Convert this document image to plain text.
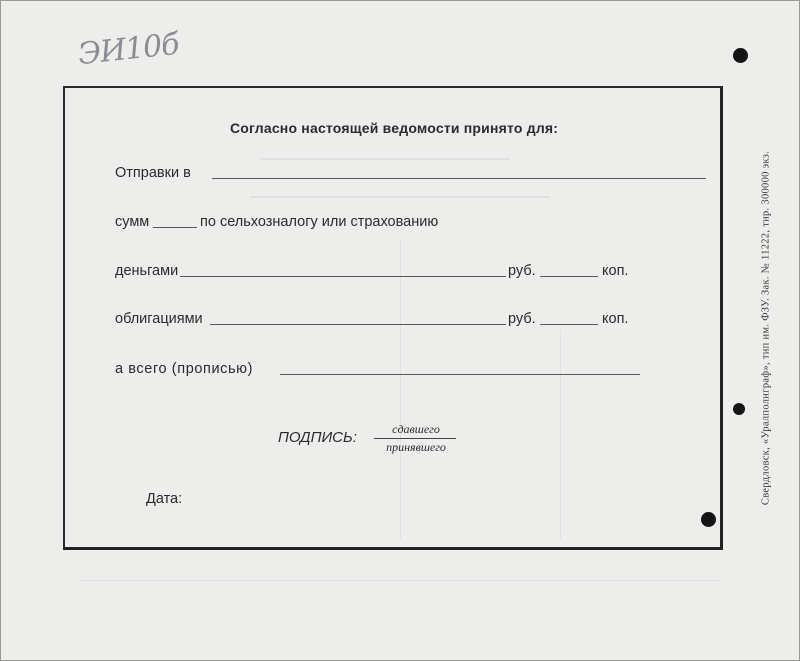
ЭИ10б
Согласно настоящей ведомости принято для:
Отправки в
сумм	по сельхозналогу или страхованию
деньгами	руб.	коп.
облигациями	руб.	коп.
а всего (прописью)
ПОДПИСЬ:	сдавшего
принявшего
Дата:	Свердловск, «Уралполиграф», тип им. ФЗУ. Зак. № 11222, тир. 300000 экз.
